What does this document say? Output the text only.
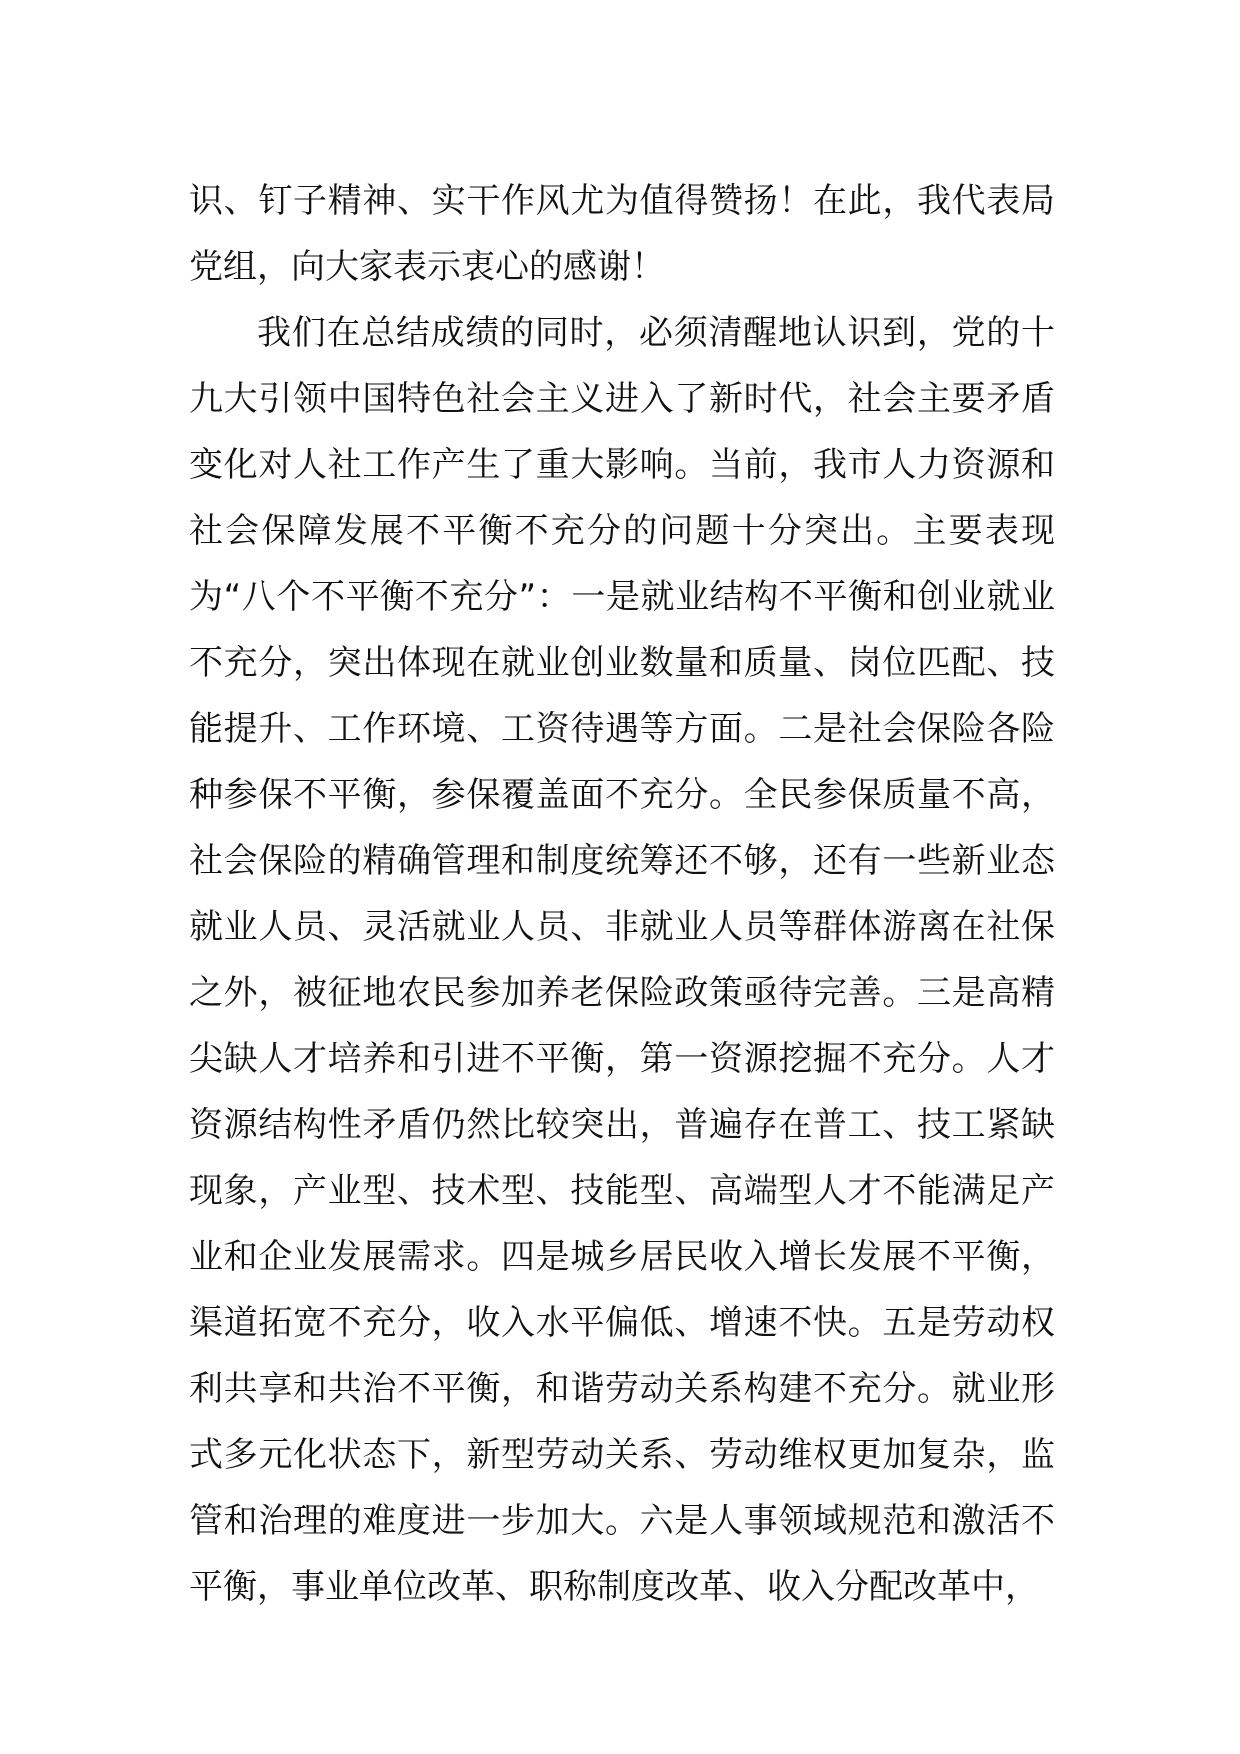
识、钉子精神、实干作风尤为值得赞扬！在此，我代表局党组，向大家表示衷心的感谢！

我们在总结成绩的同时，必须清醒地认识到，党的十九大引领中国特色社会主义进入了新时代，社会主要矛盾变化对人社工作产生了重大影响。当前，我市人力资源和社会保障发展不平衡不充分的问题十分突出。主要表现为“八个不平衡不充分”：一是就业结构不平衡和创业就业不充分，突出体现在就业创业数量和质量、岗位匹配、技能提升、工作环境、工资待遇等方面。二是社会保险各险种参保不平衡，参保覆盖面不充分。全民参保质量不高，社会保险的精确管理和制度统筹还不够，还有一些新业态就业人员、灵活就业人员、非就业人员等群体游离在社保之外，被征地农民参加养老保险政策亟待完善。三是高精尖缺人才培养和引进不平衡，第一资源挖掘不充分。人才资源结构性矛盾仍然比较突出，普遍存在普工、技工紧缺现象，产业型、技术型、技能型、高端型人才不能满足产业和企业发展需求。四是城乡居民收入增长发展不平衡，渠道拓宽不充分，收入水平偏低、增速不快。五是劳动权利共享和共治不平衡，和谐劳动关系构建不充分。就业形式多元化状态下，新型劳动关系、劳动维权更加复杂，监管和治理的难度进一步加大。六是人事领域规范和激活不平衡，事业单位改革、职称制度改革、收入分配改革中，
